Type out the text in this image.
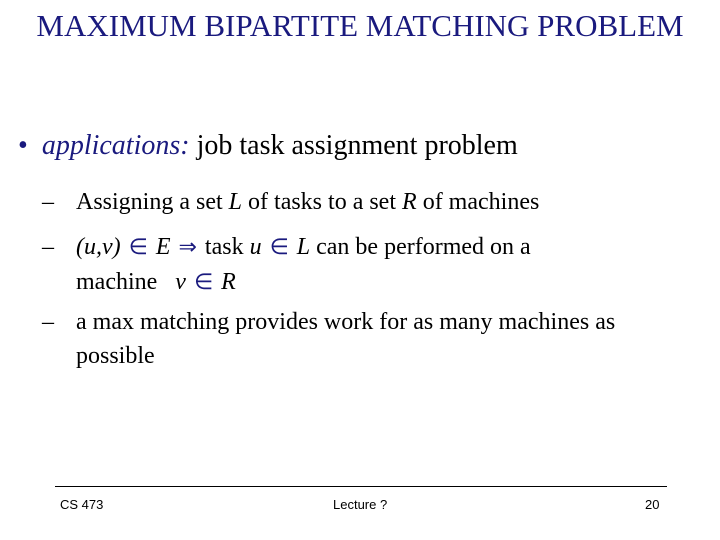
MAXIMUM BIPARTITE MATCHING PROBLEM
• applications: job task assignment problem
– Assigning a set L of tasks to a set R of machines
– (u,v) ∈ E ⇒ task u ∈ L can be performed on a
machine v ∈ R
– a max matching provides work for as many machines as
possible
CS 473	Lecture ?	20
